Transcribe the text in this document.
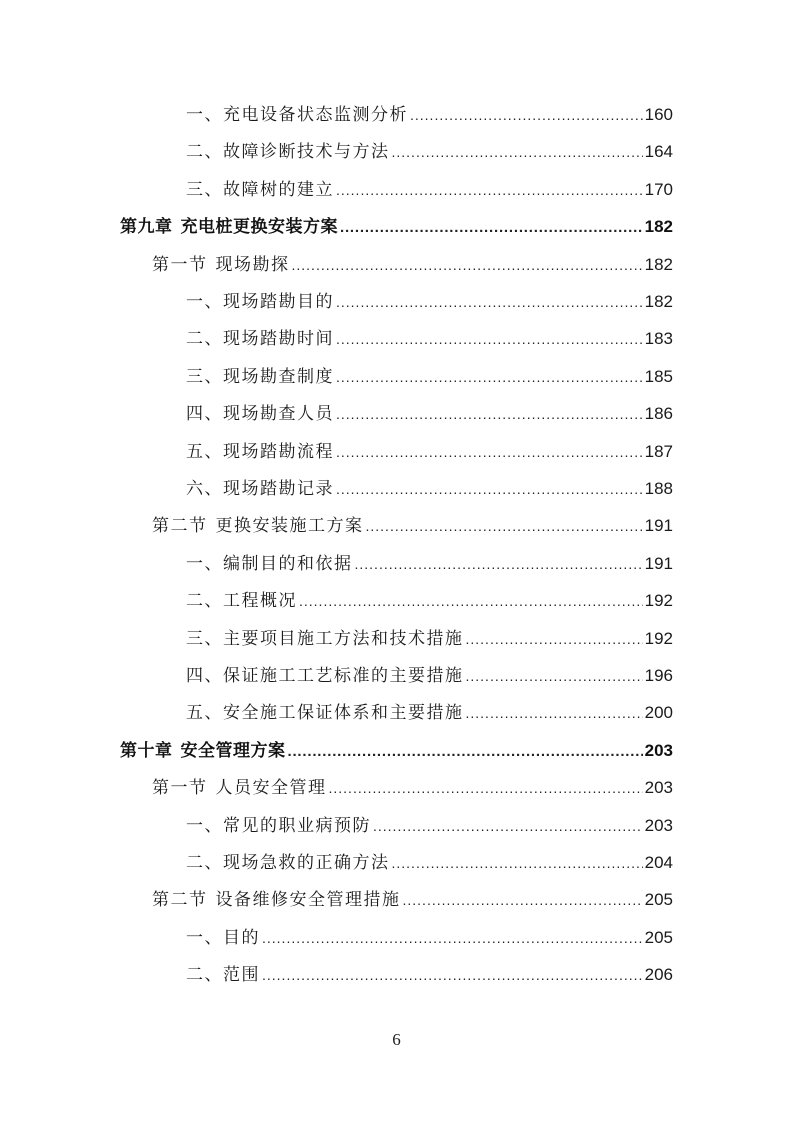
一、充电设备状态监测分析 .....	160
二、故障诊断技术与方法 .....	164
三、故障树的建立 .....	170
第九章 充电桩更换安装方案 .....	182
第一节 现场勘探 .....	182
一、现场踏勘目的 .....	182
二、现场踏勘时间 .....	183
三、现场勘查制度 .....	185
四、现场勘查人员 .....	186
五、现场踏勘流程 .....	187
六、现场踏勘记录 .....	188
第二节 更换安装施工方案 .....	191
一、编制目的和依据 .....	191
二、工程概况 .....	192
三、主要项目施工方法和技术措施 .....	192
四、保证施工工艺标准的主要措施 .....	196
五、安全施工保证体系和主要措施 .....	200
第十章 安全管理方案 .....	203
第一节 人员安全管理 .....	203
一、常见的职业病预防 .....	203
二、现场急救的正确方法 .....	204
第二节 设备维修安全管理措施 .....	205
一、目的 .....	205
二、范围 .....	206
6
